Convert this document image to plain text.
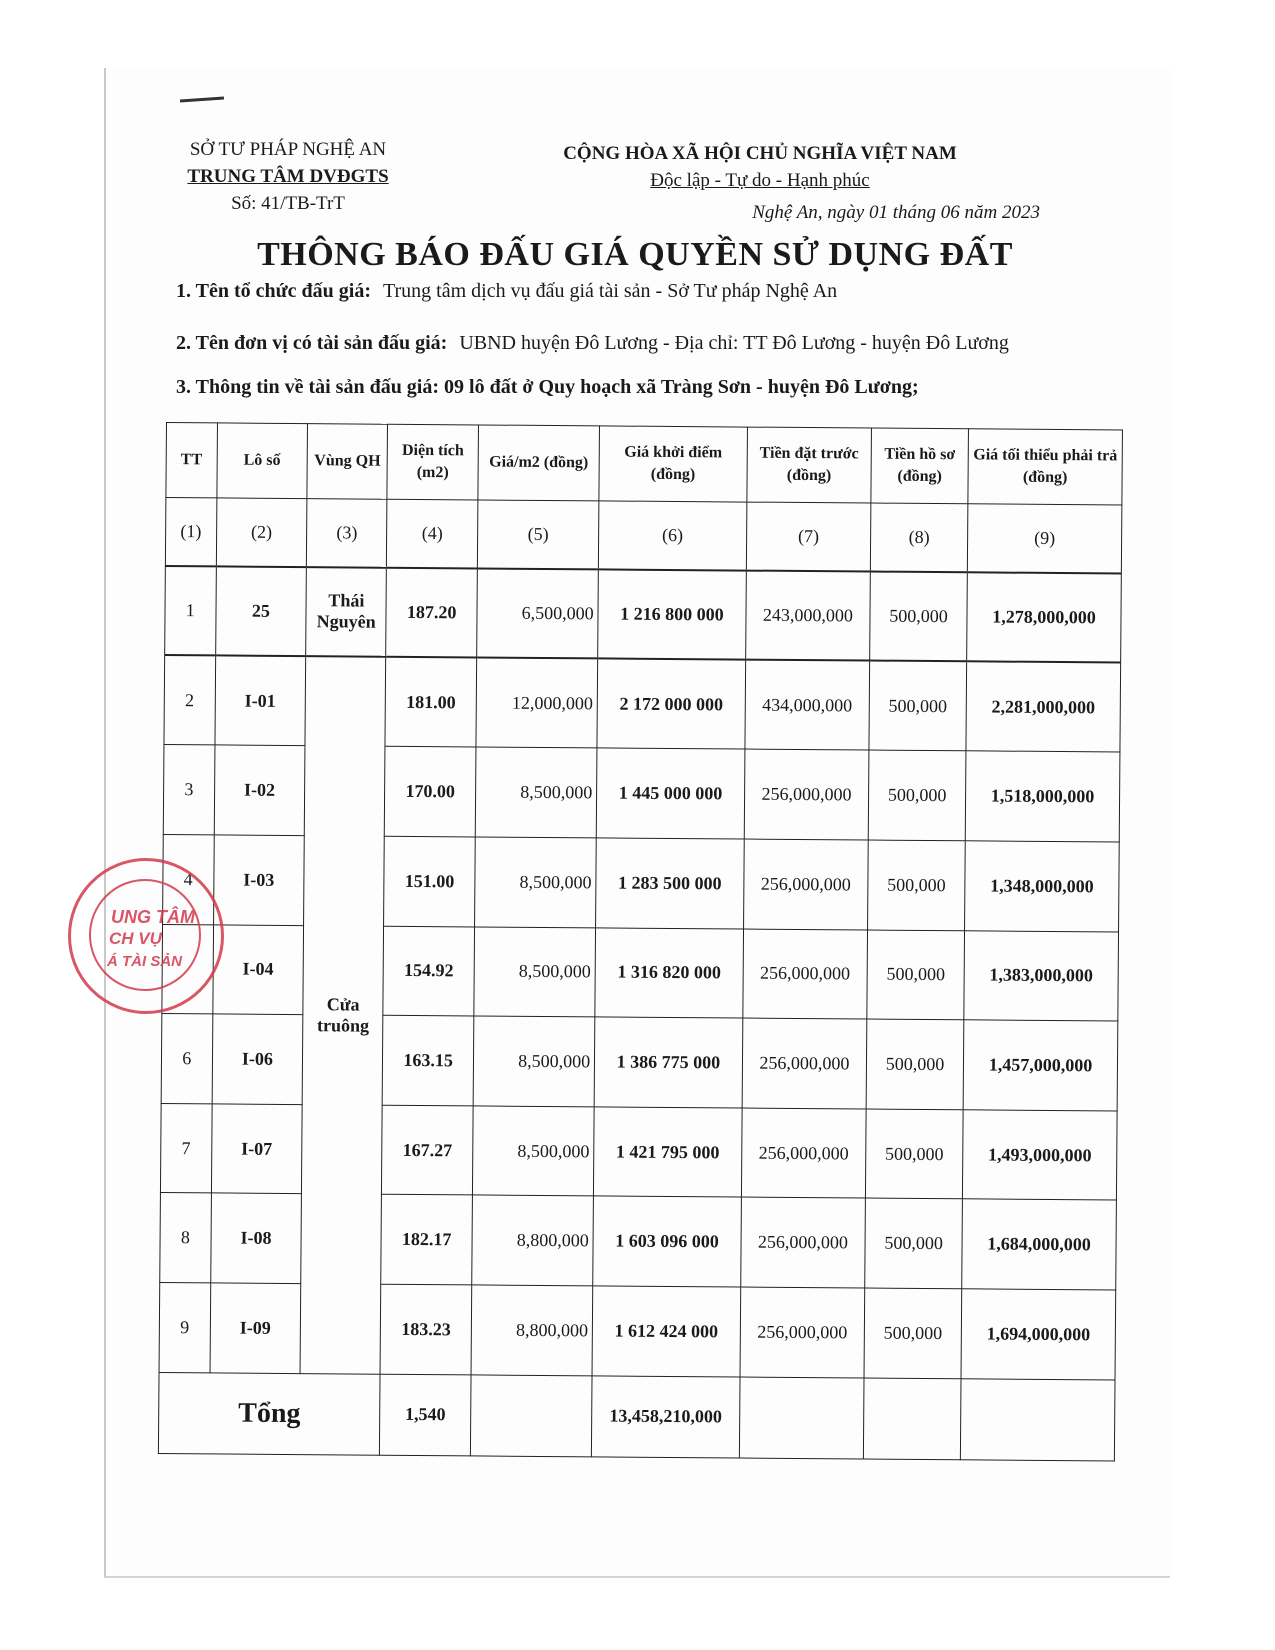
SỞ TƯ PHÁP NGHỆ AN
TRUNG TÂM DVĐGTS
Số: 41/TB-TrT
CỘNG HÒA XÃ HỘI CHỦ NGHĨA VIỆT NAM
Độc lập - Tự do - Hạnh phúc
Nghệ An, ngày 01 tháng 06 năm 2023
THÔNG BÁO ĐẤU GIÁ QUYỀN SỬ DỤNG ĐẤT
1. Tên tổ chức đấu giá: Trung tâm dịch vụ đấu giá tài sản - Sở Tư pháp Nghệ An
2. Tên đơn vị có tài sản đấu giá: UBND huyện Đô Lương - Địa chỉ: TT Đô Lương - huyện Đô Lương
3. Thông tin về tài sản đấu giá: 09 lô đất ở Quy hoạch xã Tràng Sơn - huyện Đô Lương;
TT	Lô số	Vùng QH	Diện tích (m2)	Giá/m2 (đồng)	Giá khởi điểm (đồng)	Tiền đặt trước (đồng)	Tiền hồ sơ (đồng)	Giá tối thiểu phải trả (đồng)
(1)	(2)	(3)	(4)	(5)	(6)	(7)	(8)	(9)
1	25	Thái Nguyên	187.20	6,500,000	1 216 800 000	243,000,000	500,000	1,278,000,000
2	I-01	Cửa truông	181.00	12,000,000	2 172 000 000	434,000,000	500,000	2,281,000,000
3	I-02		170.00	8,500,000	1 445 000 000	256,000,000	500,000	1,518,000,000
4	I-03		151.00	8,500,000	1 283 500 000	256,000,000	500,000	1,348,000,000
	I-04		154.92	8,500,000	1 316 820 000	256,000,000	500,000	1,383,000,000
6	I-06		163.15	8,500,000	1 386 775 000	256,000,000	500,000	1,457,000,000
7	I-07		167.27	8,500,000	1 421 795 000	256,000,000	500,000	1,493,000,000
8	I-08		182.17	8,800,000	1 603 096 000	256,000,000	500,000	1,684,000,000
9	I-09		183.23	8,800,000	1 612 424 000	256,000,000	500,000	1,694,000,000
Tổng			1,540		13,458,210,000			
UNG TÂM
CH VỤ
Á TÀI SẢN
